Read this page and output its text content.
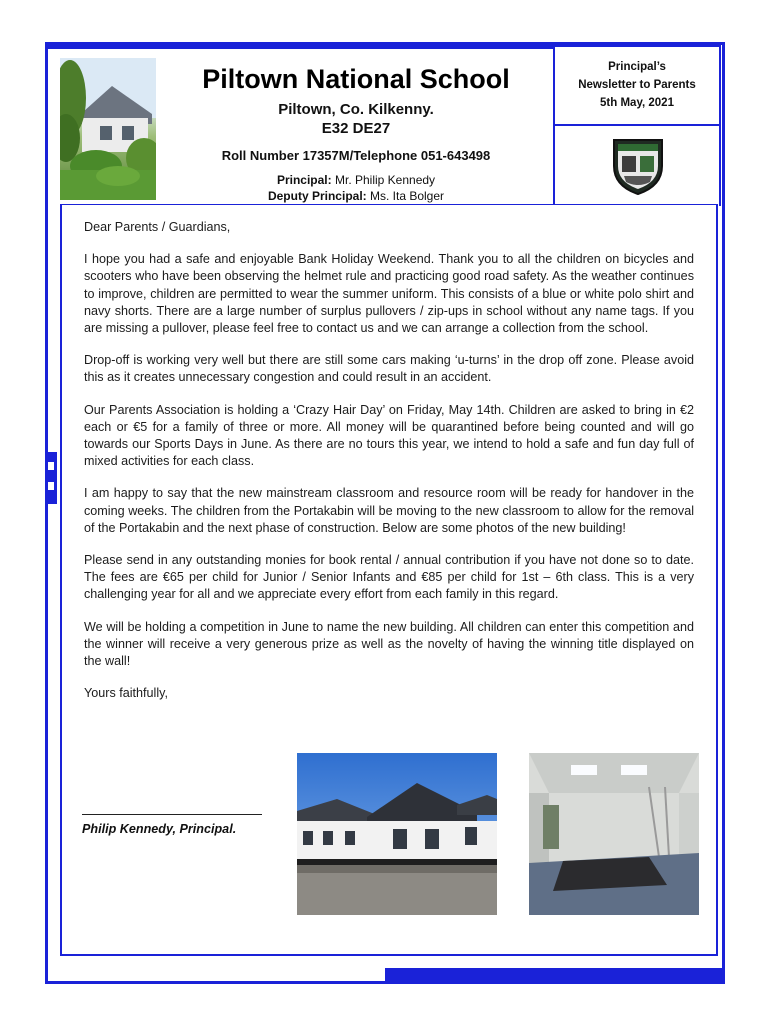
Piltown National School
Piltown, Co. Kilkenny.
E32 DE27
Roll Number 17357M/Telephone 051-643498
Principal: Mr. Philip Kennedy
Deputy Principal: Ms. Ita Bolger
Principal’s
Newsletter to Parents
5th May, 2021
Dear Parents / Guardians,

I hope you had a safe and enjoyable Bank Holiday Weekend. Thank you to all the children on bicycles and scooters who have been observing the helmet rule and practicing good road safety. As the weather continues to improve, children are permitted to wear the summer uniform. This consists of a blue or white polo shirt and navy shorts. There are a large number of surplus pullovers / zip-ups in school without any name tags. If you are missing a pullover, please feel free to contact us and we can arrange a collection from the school.

Drop-off is working very well but there are still some cars making ‘u-turns’ in the drop off zone. Please avoid this as it creates unnecessary congestion and could result in an accident.

Our Parents Association is holding a ‘Crazy Hair Day’ on Friday, May 14th. Children are asked to bring in €2 each or €5 for a family of three or more. All money will be quarantined before being counted and will go towards our Sports Days in June. As there are no tours this year, we intend to hold a safe and fun day full of mixed activities for each class.

I am happy to say that the new mainstream classroom and resource room will be ready for handover in the coming weeks. The children from the Portakabin will be moving to the new classroom to allow for the removal of the Portakabin and the next phase of construction. Below are some photos of the new building!

Please send in any outstanding monies for book rental / annual contribution if you have not done so to date. The fees are €65 per child for Junior / Senior Infants and €85 per child for 1st – 6th class. This is a very challenging year for all and we appreciate every effort from each family in this regard.

We will be holding a competition in June to name the new building. All children can enter this competition and the winner will receive a very generous prize as well as the novelty of having the winning title displayed on the wall!

Yours faithfully,
Philip Kennedy, Principal.
